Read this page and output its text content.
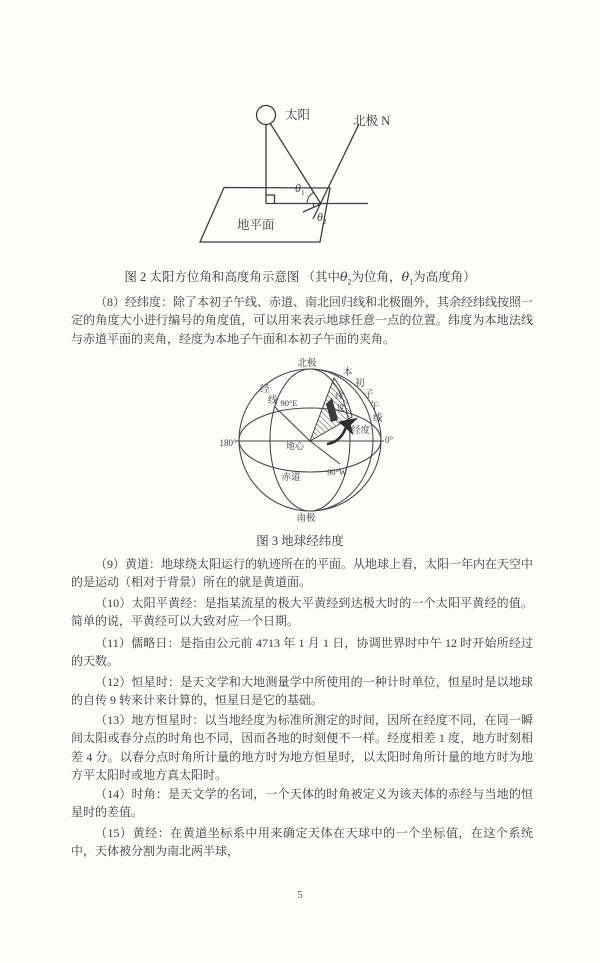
太阳	北极 N
地平面
$\theta_1$
$\theta_2$
图 2 太阳方位角和高度角示意图 （其中$\theta_2$为位角，$\theta_1$为高度角）
（8）经纬度：除了本初子午线、赤道、南北回归线和北极圈外，其余经纬线按照一定的角度大小进行编号的角度值，可以用来表示地球任意一点的位置。纬度为本地法线与赤道平面的夹角，经度为本地子午面和本初子午面的夹角。
北极
南极
180°	0°
90°E
90°W
赤道
地心
经度
本
初
子
午
线
经
线	纬
度
图 3 地球经纬度
（9）黄道：地球绕太阳运行的轨迹所在的平面。从地球上看，太阳一年内在天空中的是运动（相对于背景）所在的就是黄道面。
（10）太阳平黄经：是指某流星的极大平黄经到达极大时的一个太阳平黄经的值。简单的说，平黄经可以大致对应一个日期。
（11）儒略日：是指由公元前 4713 年 1 月 1 日，协调世界时中午 12 时开始所经过的天数。
（12）恒星时：是天文学和大地测量学中所使用的一种计时单位，恒星时是以地球的自传 9 转来计来计算的，恒星日是它的基础。
（13）地方恒星时：以当地经度为标准所测定的时间，因所在经度不同，在同一瞬间太阳或春分点的时角也不同，因而各地的时刻便不一样。经度相差 1 度，地方时刻相差 4 分。以春分点时角所计量的地方时为地方恒星时，以太阳时角所计量的地方时为地方平太阳时或地方真太阳时。
（14）时角：是天文学的名词，一个天体的时角被定义为该天体的赤经与当地的恒星时的差值。
（15）黄经：在黄道坐标系中用来确定天体在天球中的一个坐标值，在这个系统中，天体被分割为南北两半球，
5
